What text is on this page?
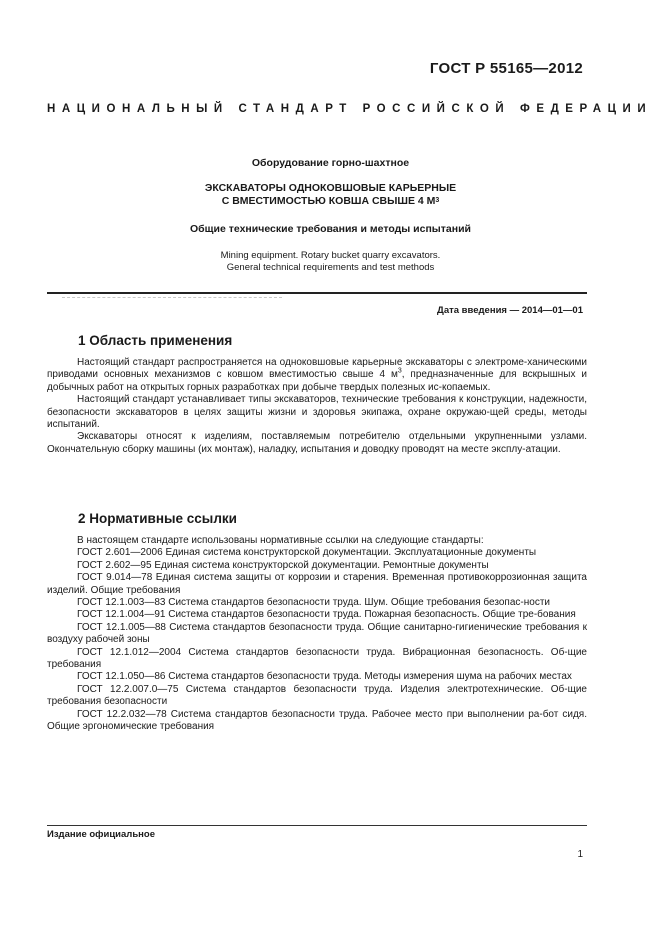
ГОСТ Р 55165—2012
НАЦИОНАЛЬНЫЙ СТАНДАРТ РОССИЙСКОЙ ФЕДЕРАЦИИ
Оборудование горно-шахтное
ЭКСКАВАТОРЫ ОДНОКОВШОВЫЕ КАРЬЕРНЫЕ
С ВМЕСТИМОСТЬЮ КОВША СВЫШЕ 4 $М^3$
Общие технические требования и методы испытаний
Mining equipment. Rotary bucket quarry excavators.
General technical requirements and test methods
Дата введения — 2014—01—01
1 Область применения

Настоящий стандарт распространяется на одноковшовые карьерные экскаваторы с электроме-ханическими приводами основных механизмов с ковшом вместимостью свыше 4 $м^3$, предназначенные для вскрышных и добычных работ на открытых горных разработках при добыче твердых полезных ис-копаемых.

Настоящий стандарт устанавливает типы экскаваторов, технические требования к конструкции, надежности, безопасности экскаваторов в целях защиты жизни и здоровья экипажа, охране окружаю-щей среды, методы испытаний.

Экскаваторы относят к изделиям, поставляемым потребителю отдельными укрупненными узлами. Окончательную сборку машины (их монтаж), наладку, испытания и доводку проводят на месте эксплу-атации.

2 Нормативные ссылки

В настоящем стандарте использованы нормативные ссылки на следующие стандарты:

ГОСТ 2.601—2006 Единая система конструкторской документации. Эксплуатационные документы

ГОСТ 2.602—95 Единая система конструкторской документации. Ремонтные документы

ГОСТ 9.014—78 Единая система защиты от коррозии и старения. Временная противокоррозионная защита изделий. Общие требования

ГОСТ 12.1.003—83 Система стандартов безопасности труда. Шум. Общие требования безопас-ности

ГОСТ 12.1.004—91 Система стандартов безопасности труда. Пожарная безопасность. Общие тре-бования

ГОСТ 12.1.005—88 Система стандартов безопасности труда. Общие санитарно-гигиенические требования к воздуху рабочей зоны

ГОСТ 12.1.012—2004 Система стандартов безопасности труда. Вибрационная безопасность. Об-щие требования

ГОСТ 12.1.050—86 Система стандартов безопасности труда. Методы измерения шума на рабочих местах

ГОСТ 12.2.007.0—75 Система стандартов безопасности труда. Изделия электротехнические. Об-щие требования безопасности

ГОСТ 12.2.032—78 Система стандартов безопасности труда. Рабочее место при выполнении ра-бот сидя. Общие эргономические требования

Издание официальное
1
